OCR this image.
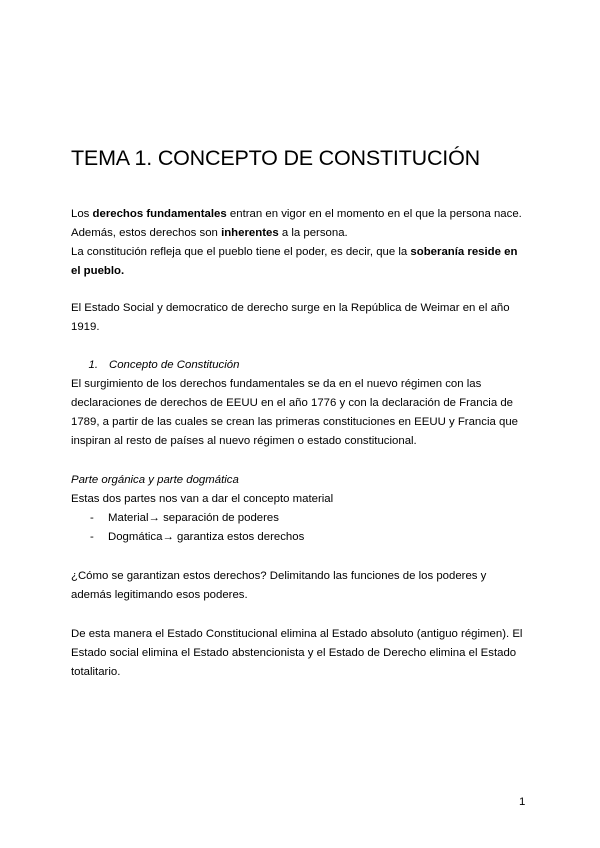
TEMA 1. CONCEPTO DE CONSTITUCIÓN

Los derechos fundamentales entran en vigor en el momento en el que la persona nace.

Además, estos derechos son inherentes a la persona.

La constitución refleja que el pueblo tiene el poder, es decir, que la soberanía reside en el pueblo.

El Estado Social y democratico de derecho surge en la República de Weimar en el año 1919.

1. Concepto de Constitución

El surgimiento de los derechos fundamentales se da en el nuevo régimen con las declaraciones de derechos de EEUU en el año 1776 y con la declaración de Francia de 1789, a partir de las cuales se crean las primeras constituciones en EEUU y Francia que inspiran al resto de países al nuevo régimen o estado constitucional.

Parte orgánica y parte dogmática

Estas dos partes nos van a dar el concepto material

- Material→ separación de poderes
- Dogmática→ garantiza estos derechos

¿Cómo se garantizan estos derechos? Delimitando las funciones de los poderes y además legitimando esos poderes.

De esta manera el Estado Constitucional elimina al Estado absoluto (antiguo régimen). El Estado social elimina el Estado abstencionista y el Estado de Derecho elimina el Estado totalitario.

1
